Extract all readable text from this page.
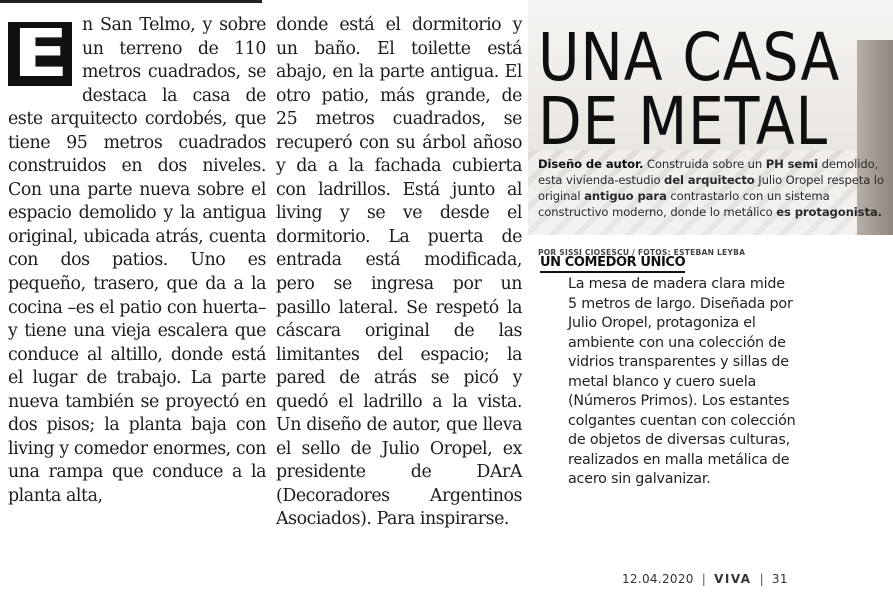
E n San Telmo, y sobre un terreno de 110 metros cuadrados, se destaca la casa de este arquitecto cordobés, que tiene 95 metros cuadrados construidos en dos niveles. Con una parte nueva sobre el espacio demolido y la antigua original, ubicada atrás, cuenta con dos patios. Uno es pequeño, trasero, que da a la cocina –es el patio con huerta– y tiene una vieja escalera que conduce al altillo, donde está el lugar de trabajo. La parte nueva también se proyectó en dos pisos; la planta baja con living y comedor enormes, con una rampa que conduce a la planta alta,

donde está el dormitorio y un baño. El toilette está abajo, en la parte antigua. El otro patio, más grande, de 25 metros cuadrados, se recuperó con su árbol añoso y da a la fachada cubierta con ladrillos. Está junto al living y se ve desde el dormitorio. La puerta de entrada está modificada, pero se ingresa por un pasillo lateral. Se respetó la cáscara original de las limitantes del espacio; la pared de atrás se picó y quedó el ladrillo a la vista. Un diseño de autor, que lleva el sello de Julio Oropel, ex presidente de DArA (Decoradores Argentinos Asociados). Para inspirarse.

UNA CASA
DE METAL
Diseño de autor. Construida sobre un PH semi demolido, esta vivienda-estudio del arquitecto Julio Oropel respeta lo original antiguo para contrastarlo con un sistema constructivo moderno, donde lo metálico es protagonista.
POR SISSI CIOSESCU / FOTOS: ESTEBAN LEYBA
UN COMEDOR ÚNICO
La mesa de madera clara mide 5 metros de largo. Diseñada por Julio Oropel, protagoniza el ambiente con una colección de vidrios transparentes y sillas de metal blanco y cuero suela (Números Primos). Los estantes colgantes cuentan con colección de objetos de diversas culturas, realizados en malla metálica de acero sin galvanizar.
12.04.2020 | VIVA | 31
